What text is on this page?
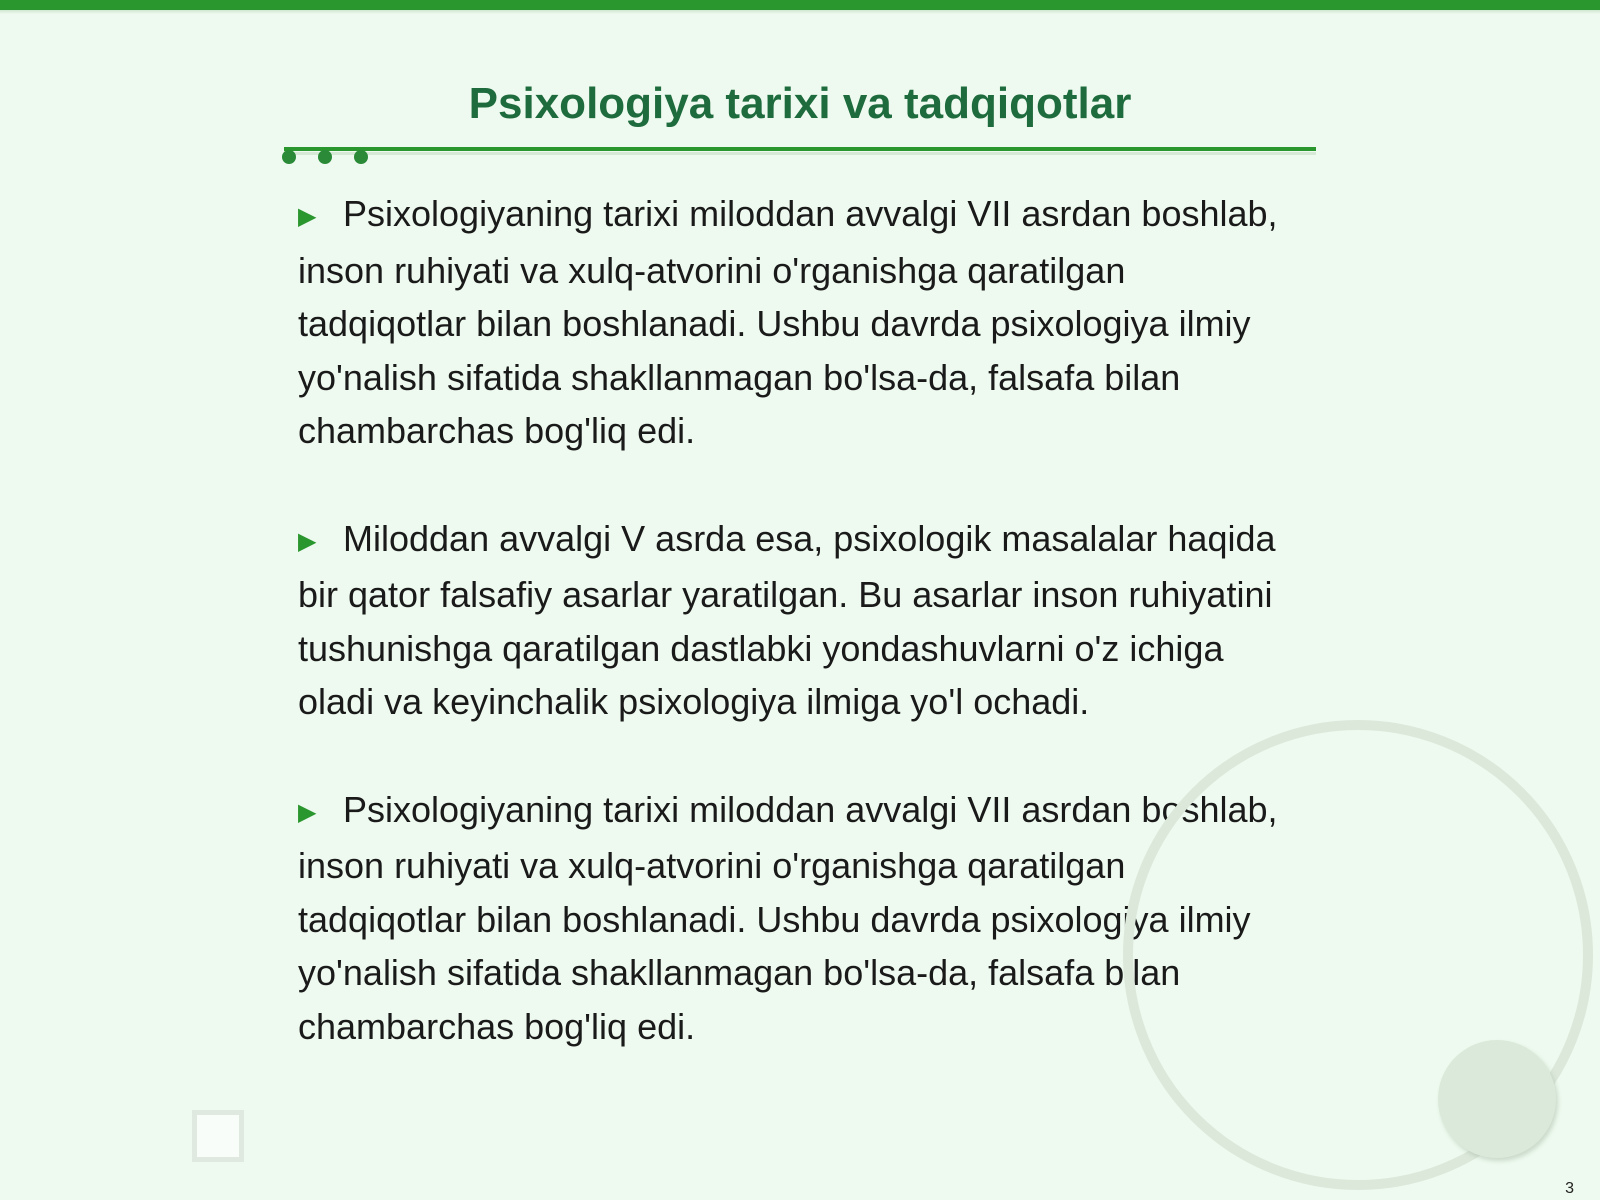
Psixologiya tarixi va tadqiqotlar

▶ Psixologiyaning tarixi miloddan avvalgi VII asrdan boshlab, inson ruhiyati va xulq-atvorini o'rganishga qaratilgan tadqiqotlar bilan boshlanadi. Ushbu davrda psixologiya ilmiy yo'nalish sifatida shakllanmagan bo'lsa-da, falsafa bilan chambarchas bog'liq edi.

▶ Miloddan avvalgi V asrda esa, psixologik masalalar haqida bir qator falsafiy asarlar yaratilgan. Bu asarlar inson ruhiyatini tushunishga qaratilgan dastlabki yondashuvlarni o'z ichiga oladi va keyinchalik psixologiya ilmiga yo'l ochadi.

▶ Psixologiyaning tarixi miloddan avvalgi VII asrdan boshlab, inson ruhiyati va xulq-atvorini o'rganishga qaratilgan tadqiqotlar bilan boshlanadi. Ushbu davrda psixologiya ilmiy yo'nalish sifatida shakllanmagan bo'lsa-da, falsafa bilan chambarchas bog'liq edi.

3
